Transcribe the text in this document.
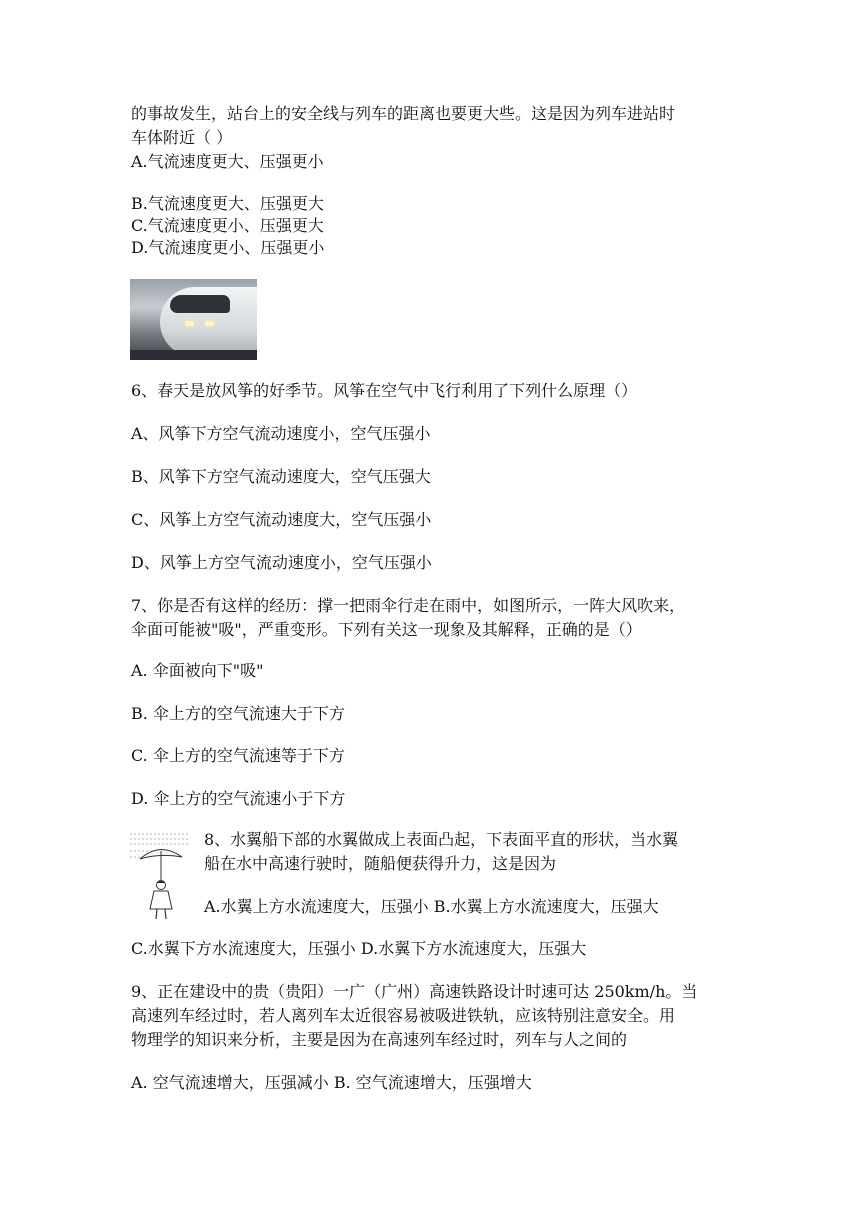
的事故发生，站台上的安全线与列车的距离也要更大些。这是因为列车进站时
车体附近（ ）
A.气流速度更大、压强更小
B.气流速度更大、压强更大
C.气流速度更小、压强更大
D.气流速度更小、压强更小
6、春天是放风筝的好季节。风筝在空气中飞行利用了下列什么原理（）
A、风筝下方空气流动速度小，空气压强小
B、风筝下方空气流动速度大，空气压强大
C、风筝上方空气流动速度大，空气压强小
D、风筝上方空气流动速度小，空气压强小
7、你是否有这样的经历：撑一把雨伞行走在雨中，如图所示，一阵大风吹来，
伞面可能被"吸"，严重变形。下列有关这一现象及其解释，正确的是（）
A. 伞面被向下"吸"
B. 伞上方的空气流速大于下方
C. 伞上方的空气流速等于下方
D. 伞上方的空气流速小于下方
8、水翼船下部的水翼做成上表面凸起，下表面平直的形状，当水翼
船在水中高速行驶时，随船便获得升力，这是因为
A.水翼上方水流速度大，压强小 B.水翼上方水流速度大，压强大
C.水翼下方水流速度大，压强小 D.水翼下方水流速度大，压强大
9、正在建设中的贵（贵阳）一广（广州）高速铁路设计时速可达 250km/h。当
高速列车经过时，若人离列车太近很容易被吸进铁轨，应该特别注意安全。用
物理学的知识来分析，主要是因为在高速列车经过时，列车与人之间的
A. 空气流速增大，压强减小 B. 空气流速增大，压强增大
